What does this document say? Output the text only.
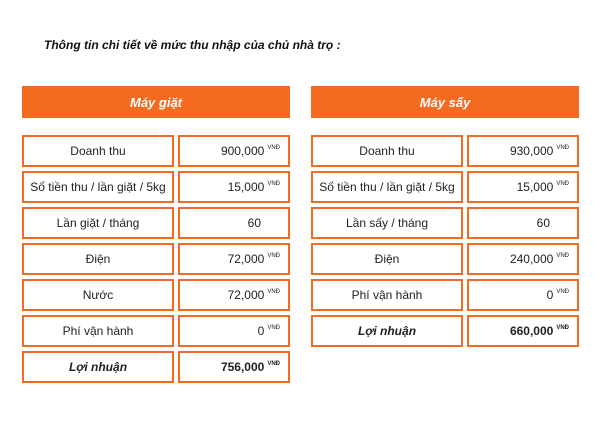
Thông tin chi tiết về mức thu nhập của chủ nhà trọ :
Máy giặt
Doanh thu	900,000 VNĐ
Số tiền thu / lần giặt / 5kg	15,000 VNĐ
Lần giặt / tháng	60
Điện	72,000 VNĐ
Nước	72,000 VNĐ
Phí vận hành	0 VNĐ
Lợi nhuận	756,000 VNĐ
Máy sấy
Doanh thu	930,000 VNĐ
Số tiền thu / lần giặt / 5kg	15,000 VNĐ
Lần sấy / tháng	60
Điện	240,000 VNĐ
Phí vận hành	0 VNĐ
Lợi nhuận	660,000 VNĐ
